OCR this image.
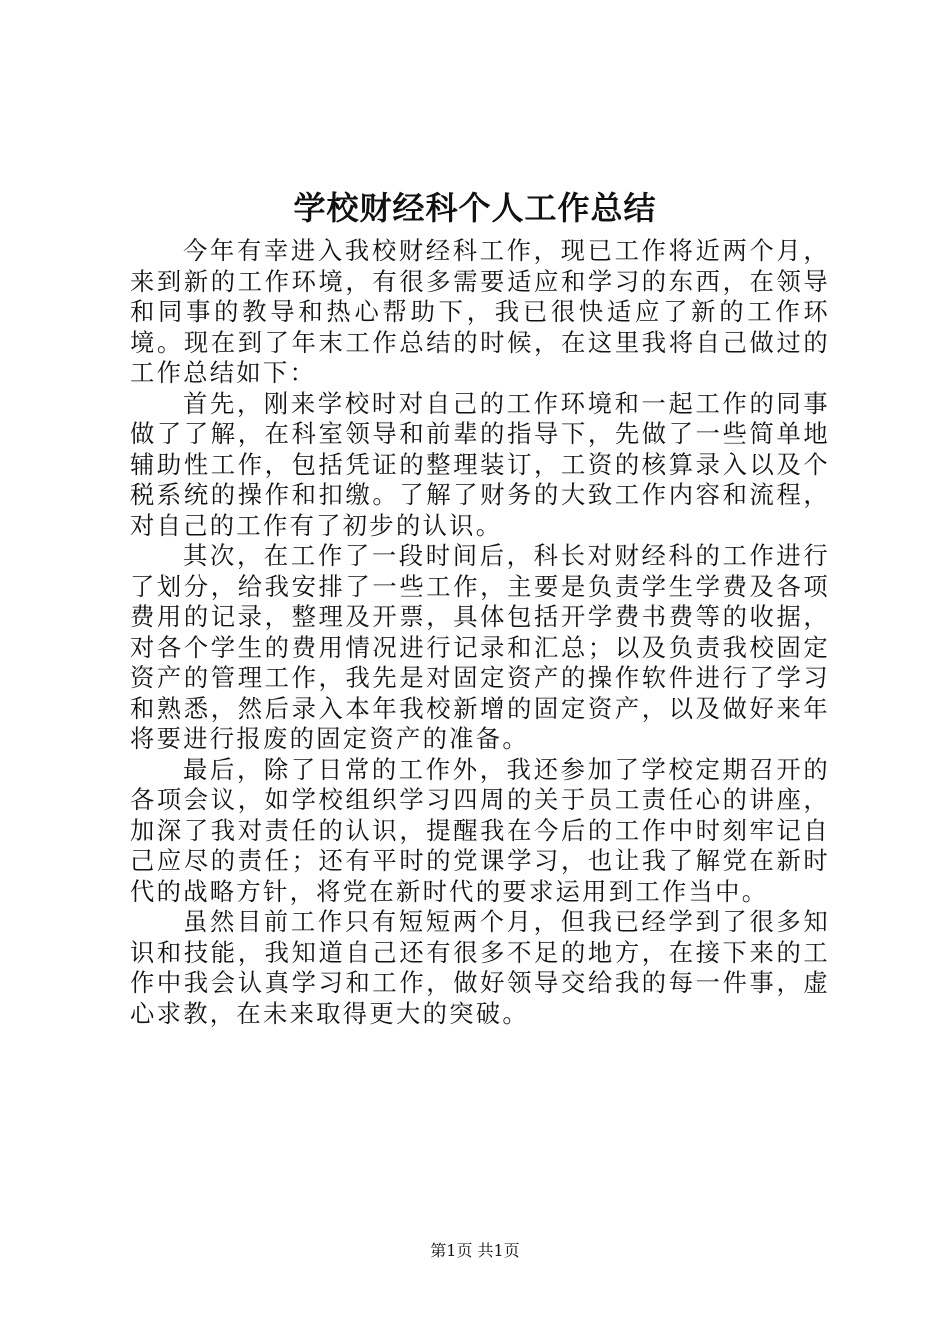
学校财经科个人工作总结

今年有幸进入我校财经科工作，现已工作将近两个月，来到新的工作环境，有很多需要适应和学习的东西，在领导和同事的教导和热心帮助下，我已很快适应了新的工作环境。现在到了年末工作总结的时候，在这里我将自己做过的工作总结如下：

首先，刚来学校时对自己的工作环境和一起工作的同事做了了解，在科室领导和前辈的指导下，先做了一些简单地辅助性工作，包括凭证的整理装订，工资的核算录入以及个税系统的操作和扣缴。了解了财务的大致工作内容和流程，对自己的工作有了初步的认识。

其次，在工作了一段时间后，科长对财经科的工作进行了划分，给我安排了一些工作，主要是负责学生学费及各项费用的记录，整理及开票，具体包括开学费书费等的收据，对各个学生的费用情况进行记录和汇总；以及负责我校固定资产的管理工作，我先是对固定资产的操作软件进行了学习和熟悉，然后录入本年我校新增的固定资产，以及做好来年将要进行报废的固定资产的准备。

最后，除了日常的工作外，我还参加了学校定期召开的各项会议，如学校组织学习四周的关于员工责任心的讲座，加深了我对责任的认识，提醒我在今后的工作中时刻牢记自己应尽的责任；还有平时的党课学习，也让我了解党在新时代的战略方针，将党在新时代的要求运用到工作当中。

虽然目前工作只有短短两个月，但我已经学到了很多知识和技能，我知道自己还有很多不足的地方，在接下来的工作中我会认真学习和工作，做好领导交给我的每一件事，虚心求教，在未来取得更大的突破。

第1页 共1页
